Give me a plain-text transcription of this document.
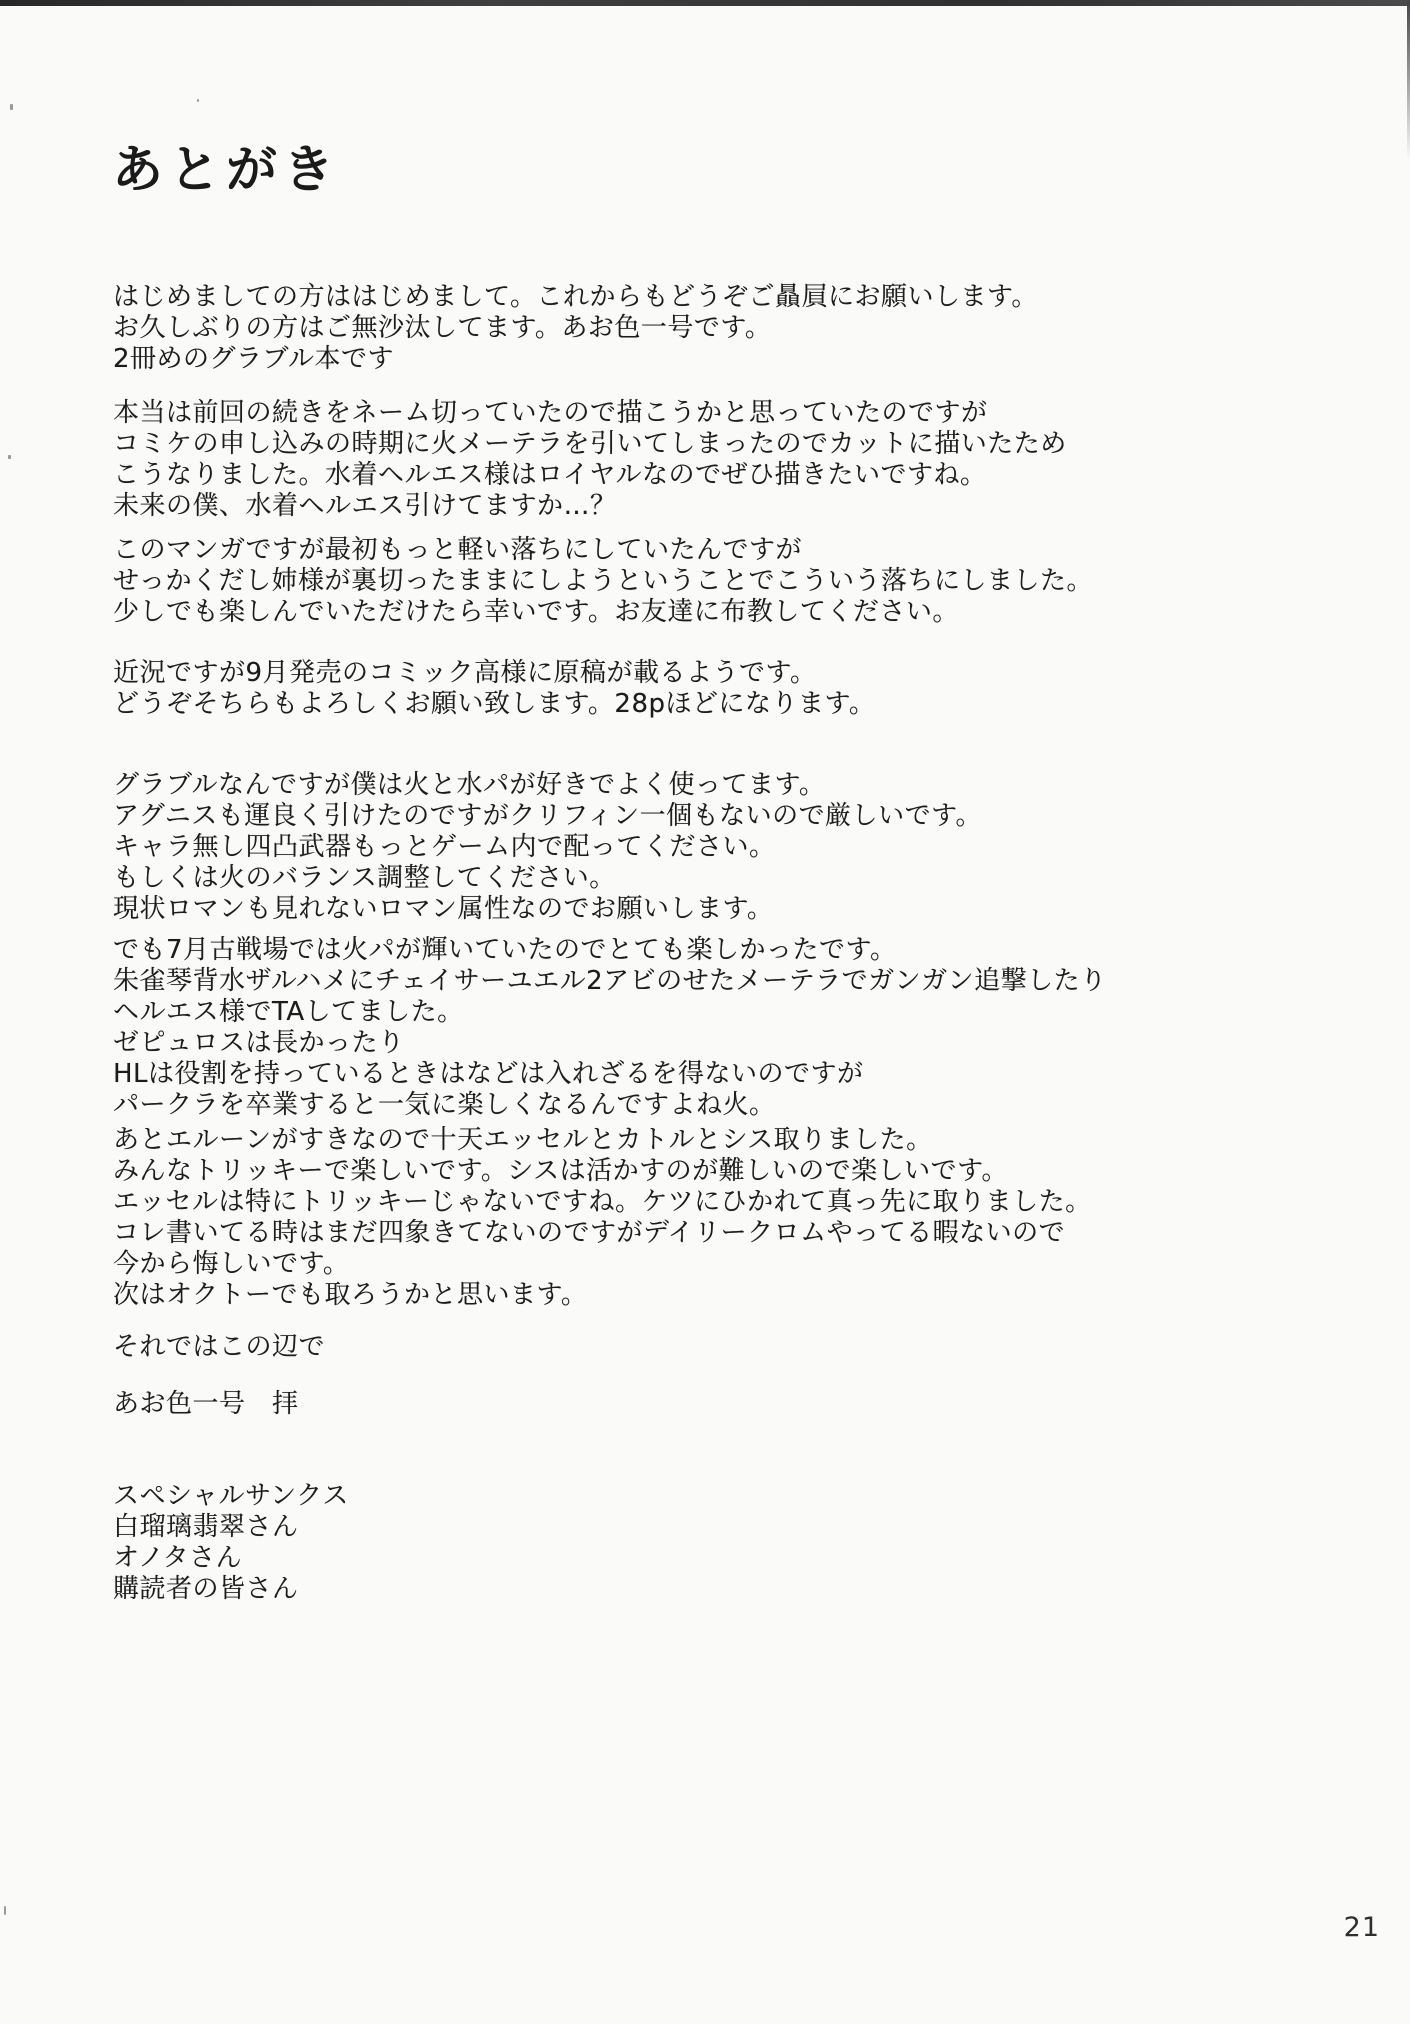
あとがき
はじめましての方ははじめまして。これからもどうぞご贔屓にお願いします。
お久しぶりの方はご無沙汰してます。あお色一号です。
2冊めのグラブル本です
本当は前回の続きをネーム切っていたので描こうかと思っていたのですが
コミケの申し込みの時期に火メーテラを引いてしまったのでカットに描いたため
こうなりました。水着ヘルエス様はロイヤルなのでぜひ描きたいですね。
未来の僕、水着ヘルエス引けてますか…？
このマンガですが最初もっと軽い落ちにしていたんですが
せっかくだし姉様が裏切ったままにしようということでこういう落ちにしました。
少しでも楽しんでいただけたら幸いです。お友達に布教してください。
近況ですが9月発売のコミック高様に原稿が載るようです。
どうぞそちらもよろしくお願い致します。28pほどになります。
グラブルなんですが僕は火と水パが好きでよく使ってます。
アグニスも運良く引けたのですがクリフィン一個もないので厳しいです。
キャラ無し四凸武器もっとゲーム内で配ってください。
もしくは火のバランス調整してください。
現状ロマンも見れないロマン属性なのでお願いします。
でも7月古戦場では火パが輝いていたのでとても楽しかったです。
朱雀琴背水ザルハメにチェイサーユエル2アビのせたメーテラでガンガン追撃したり
ヘルエス様でTAしてました。
ゼピュロスは長かったり
HLは役割を持っているときはなどは入れざるを得ないのですが
パークラを卒業すると一気に楽しくなるんですよね火。
あとエルーンがすきなので十天エッセルとカトルとシス取りました。
みんなトリッキーで楽しいです。シスは活かすのが難しいので楽しいです。
エッセルは特にトリッキーじゃないですね。ケツにひかれて真っ先に取りました。
コレ書いてる時はまだ四象きてないのですがデイリークロムやってる暇ないので
今から悔しいです。
次はオクトーでも取ろうかと思います。
それではこの辺で
あお色一号　拝
スペシャルサンクス
白瑠璃翡翠さん
オノタさん
購読者の皆さん
21
